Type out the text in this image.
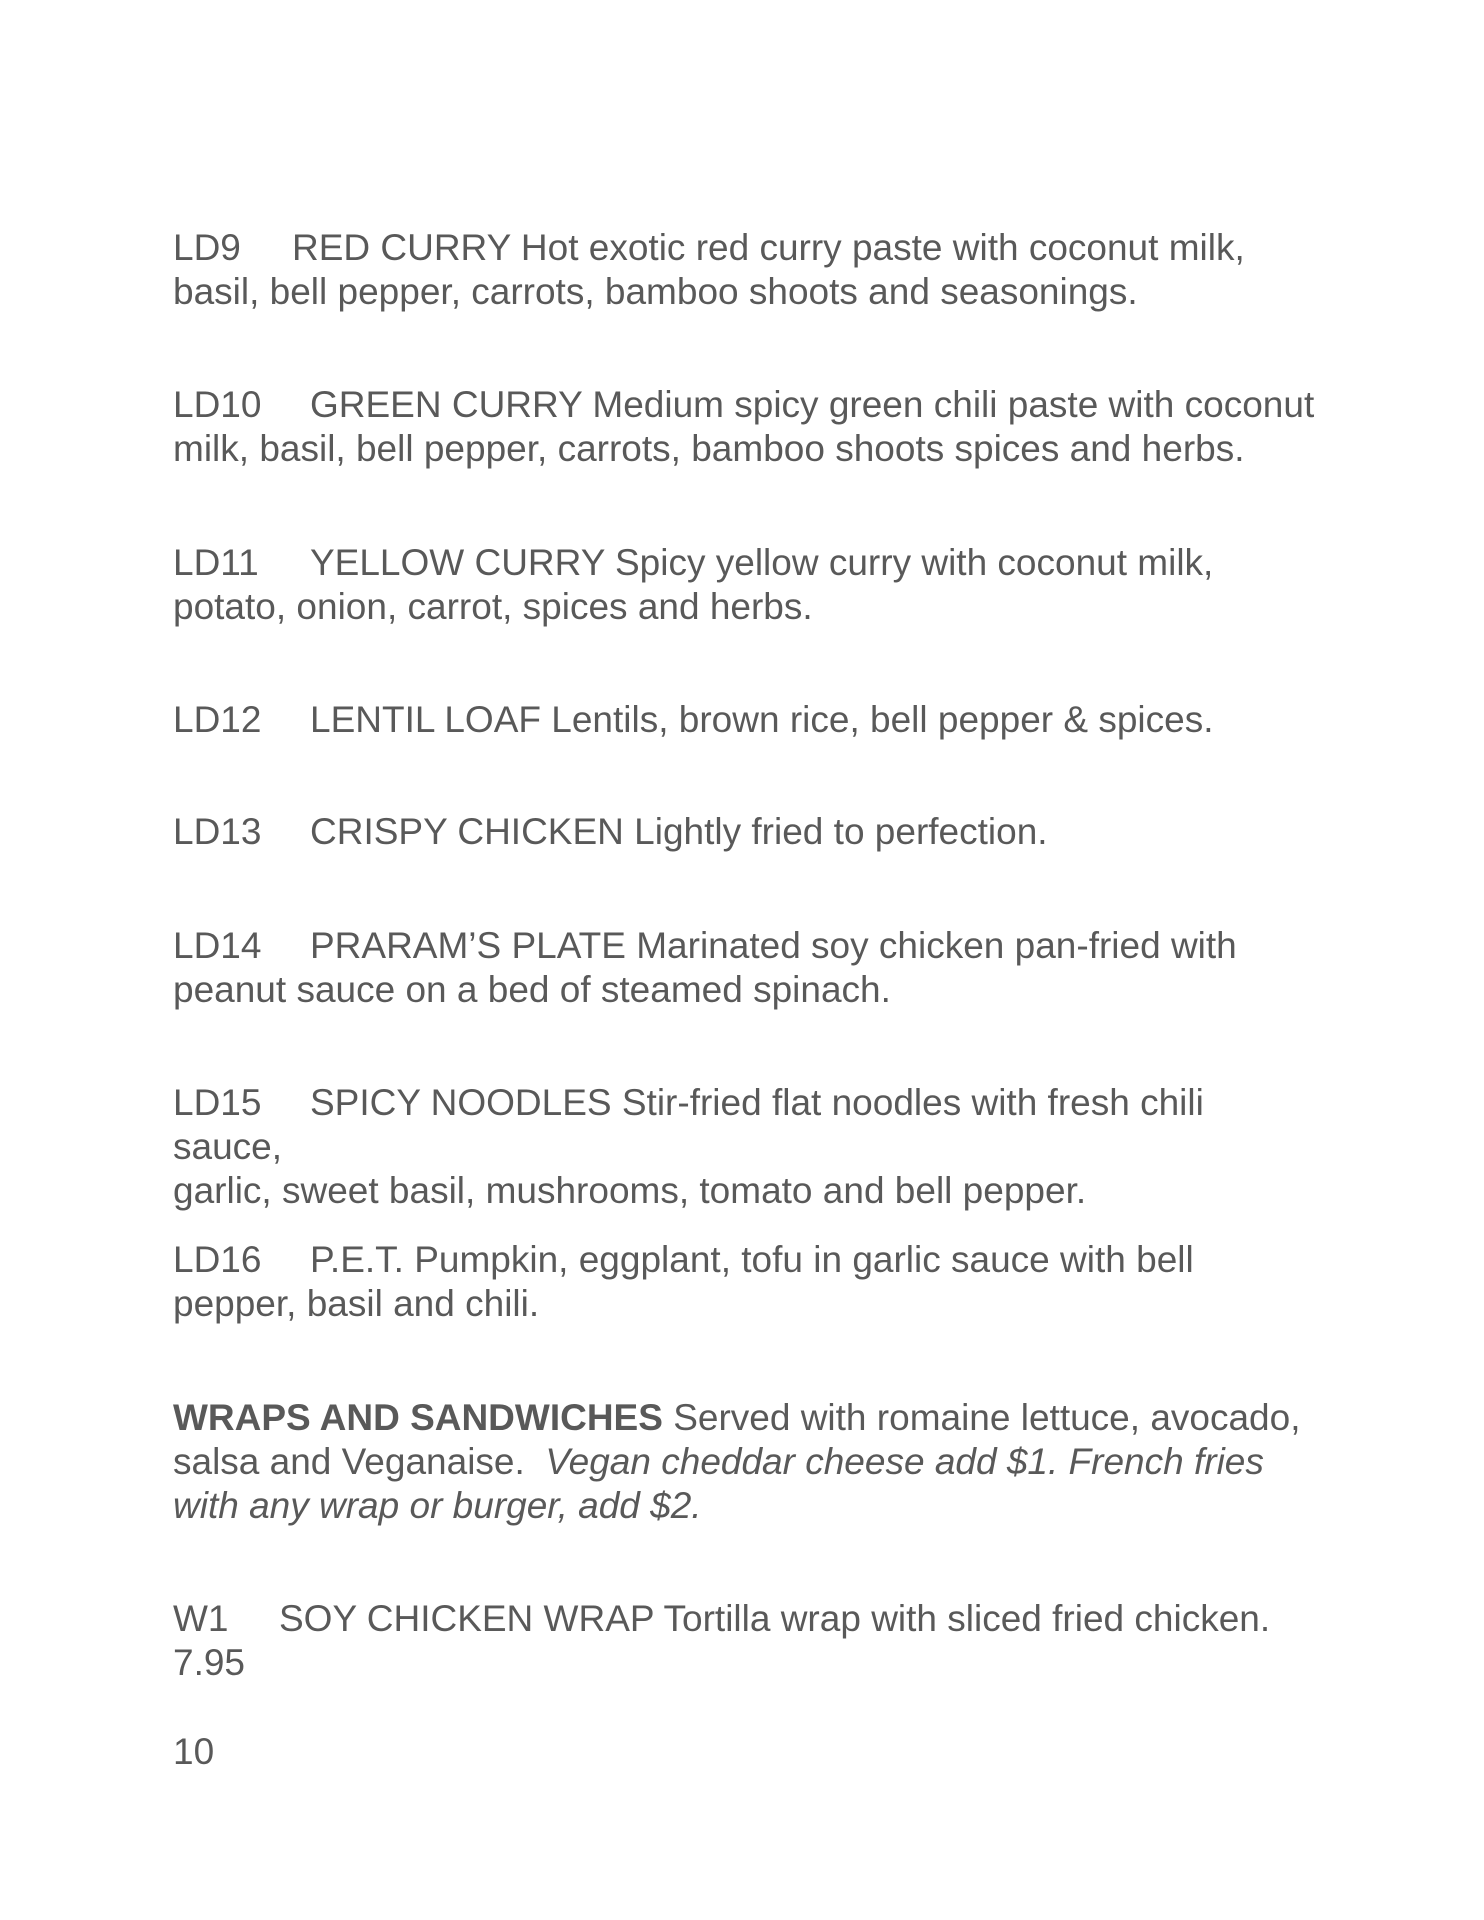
LD9 RED CURRY Hot exotic red curry paste with coconut milk,

basil, bell pepper, carrots, bamboo shoots and seasonings.

LD10 GREEN CURRY Medium spicy green chili paste with coconut

milk, basil, bell pepper, carrots, bamboo shoots spices and herbs.

LD11 YELLOW CURRY Spicy yellow curry with coconut milk,

potato, onion, carrot, spices and herbs.

LD12 LENTIL LOAF Lentils, brown rice, bell pepper & spices.

LD13 CRISPY CHICKEN Lightly fried to perfection.

LD14 PRARAM’S PLATE Marinated soy chicken pan-fried with

peanut sauce on a bed of steamed spinach.

LD15 SPICY NOODLES Stir-fried flat noodles with fresh chili sauce,

garlic, sweet basil, mushrooms, tomato and bell pepper.

LD16 P.E.T. Pumpkin, eggplant, tofu in garlic sauce with bell

pepper, basil and chili.

WRAPS AND SANDWICHES Served with romaine lettuce, avocado,

salsa and Veganaise. Vegan cheddar cheese add $1. French fries

with any wrap or burger, add $2.

W1 SOY CHICKEN WRAP Tortilla wrap with sliced fried chicken.

7.95

10
